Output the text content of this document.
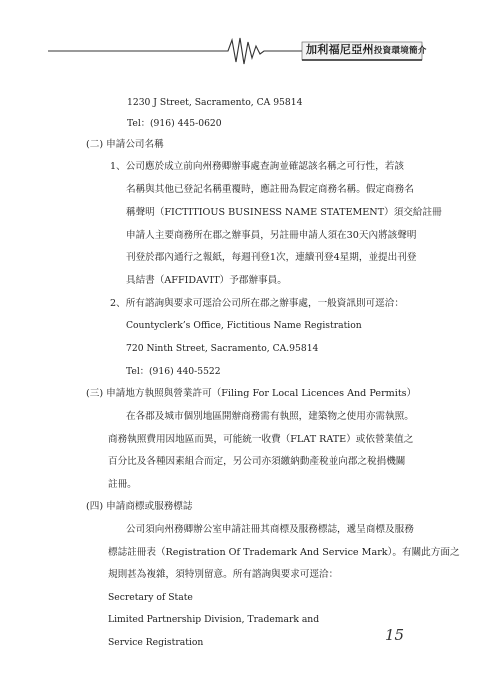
加利福尼亞州投資環境簡介
1230 J Street, Sacramento, CA 95814
Tel：(916) 445-0620
(二) 申請公司名稱
1、公司應於成立前向州務卿辦事處查詢並確認該名稱之可行性，若該
名稱與其他已登記名稱重覆時，應註冊為假定商務名稱。假定商務名
稱聲明（FICTITIOUS BUSINESS NAME STATEMENT）須交給註冊
申請人主要商務所在郡之辦事員，另註冊申請人須在30天內將該聲明
刊登於郡內通行之報紙，每週刊登1次，連續刊登4星期，並提出刊登
具結書（AFFIDAVIT）予郡辦事員。
2、所有諮詢與要求可逕洽公司所在郡之辦事處，一般資訊則可逕洽：
Countyclerk’s Office, Fictitious Name Registration
720 Ninth Street, Sacramento, CA.95814
Tel：(916) 440-5522
(三) 申請地方執照與營業許可（Filing For Local Licences And Permits）
在各郡及城市個別地區開辦商務需有執照，建築物之使用亦需執照。
商務執照費用因地區而異，可能統一收費（FLAT RATE）或依營業值之
百分比及各種因素組合而定，另公司亦須繳納動產稅並向郡之稅捐機關
註冊。
(四) 申請商標或服務標誌
公司須向州務卿辦公室申請註冊其商標及服務標誌，遞呈商標及服務
標誌註冊表（Registration Of Trademark And Service Mark）。有關此方面之
規則甚為複雜，須特別留意。所有諮詢與要求可逕洽：
Secretary of State
Limited Partnership Division, Trademark and
Service Registration	15
